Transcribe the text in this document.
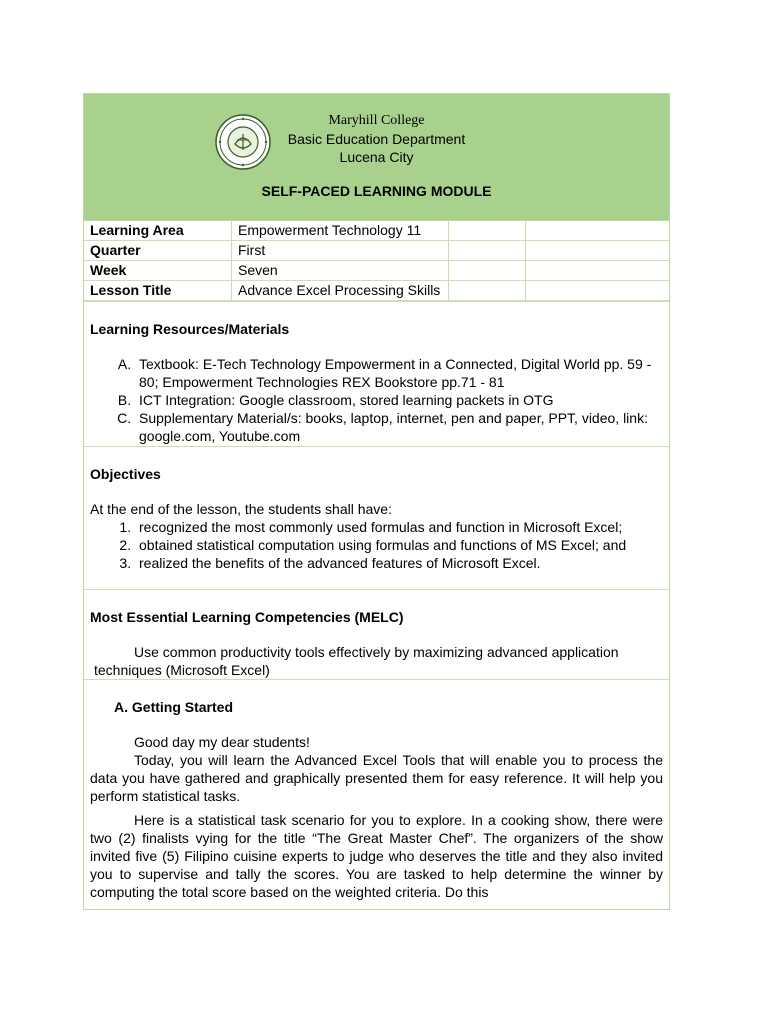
Maryhill College
Basic Education Department
Lucena City
SELF-PACED LEARNING MODULE
Learning Area	Empowerment Technology 11		
Quarter	First		
Week	Seven		
Lesson Title	Advance Excel Processing Skills		
Learning Resources/Materials
A. Textbook: E-Tech Technology Empowerment in a Connected, Digital World pp. 59 - 80; Empowerment Technologies REX Bookstore pp.71 - 81
B. ICT Integration: Google classroom, stored learning packets in OTG
C. Supplementary Material/s: books, laptop, internet, pen and paper, PPT, video, link: google.com, Youtube.com
Objectives
At the end of the lesson, the students shall have:
1. recognized the most commonly used formulas and function in Microsoft Excel;
2. obtained statistical computation using formulas and functions of MS Excel; and
3. realized the benefits of the advanced features of Microsoft Excel.
Most Essential Learning Competencies (MELC)
Use common productivity tools effectively by maximizing advanced application
techniques (Microsoft Excel)
A. Getting Started
Good day my dear students!
Today, you will learn the Advanced Excel Tools that will enable you to process the data you have gathered and graphically presented them for easy reference. It will help you perform statistical tasks.
Here is a statistical task scenario for you to explore. In a cooking show, there were two (2) finalists vying for the title “The Great Master Chef”. The organizers of the show invited five (5) Filipino cuisine experts to judge who deserves the title and they also invited you to supervise and tally the scores. You are tasked to help determine the winner by computing the total score based on the weighted criteria. Do this
